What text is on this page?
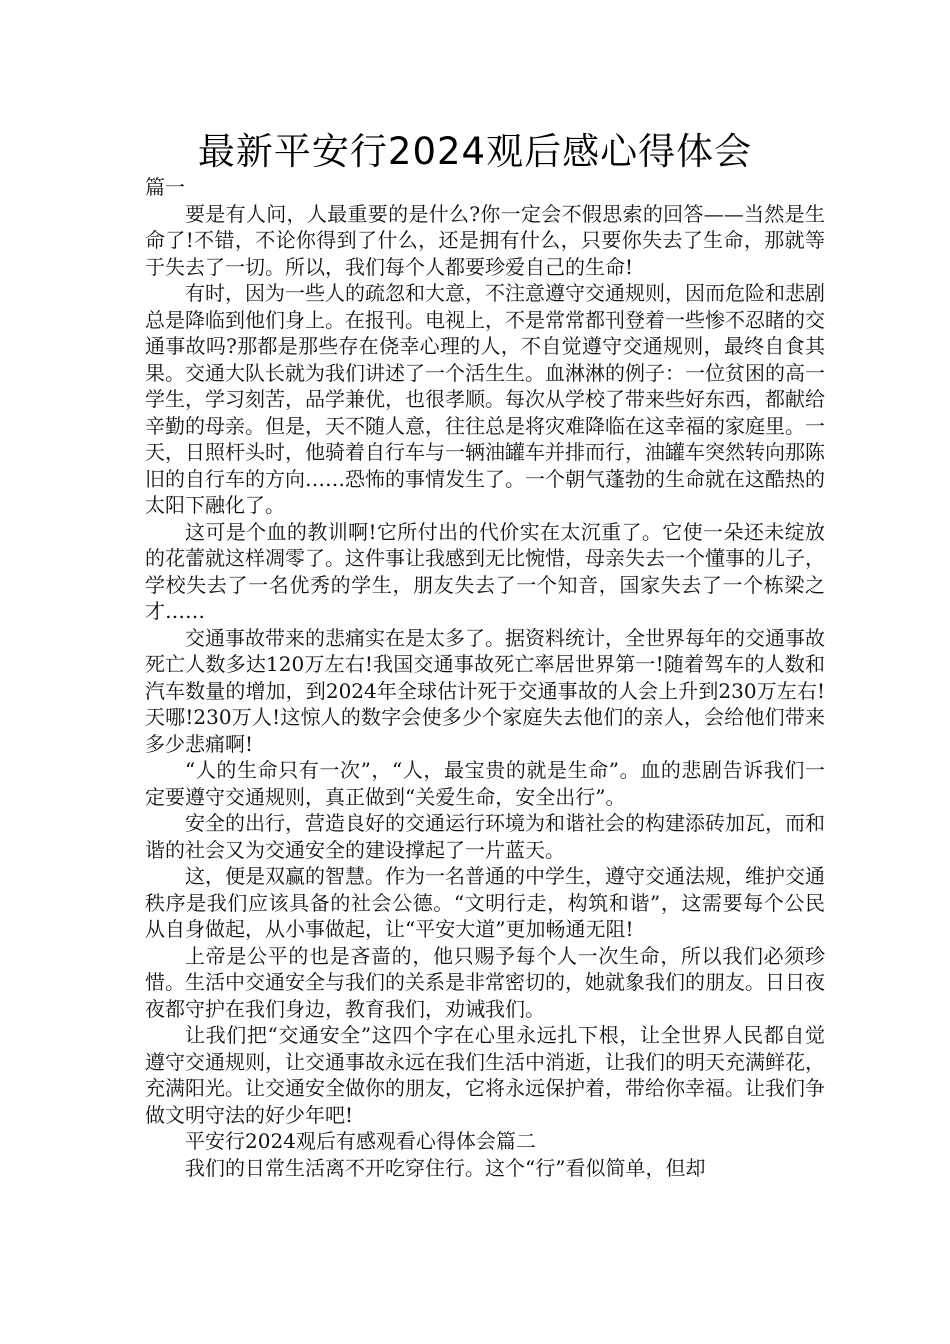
最新平安行2024观后感心得体会

篇一

要是有人问，人最重要的是什么?你一定会不假思索的回答——当然是生命了!不错，不论你得到了什么，还是拥有什么，只要你失去了生命，那就等于失去了一切。所以，我们每个人都要珍爱自己的生命!

有时，因为一些人的疏忽和大意，不注意遵守交通规则，因而危险和悲剧总是降临到他们身上。在报刊。电视上，不是常常都刊登着一些惨不忍睹的交通事故吗?那都是那些存在侥幸心理的人，不自觉遵守交通规则，最终自食其果。交通大队长就为我们讲述了一个活生生。血淋淋的例子：一位贫困的高一学生，学习刻苦，品学兼优，也很孝顺。每次从学校了带来些好东西，都献给辛勤的母亲。但是，天不随人意，往往总是将灾难降临在这幸福的家庭里。一天，日照杆头时，他骑着自行车与一辆油罐车并排而行，油罐车突然转向那陈旧的自行车的方向……恐怖的事情发生了。一个朝气蓬勃的生命就在这酷热的太阳下融化了。

这可是个血的教训啊!它所付出的代价实在太沉重了。它使一朵还未绽放的花蕾就这样凋零了。这件事让我感到无比惋惜，母亲失去一个懂事的儿子，学校失去了一名优秀的学生，朋友失去了一个知音，国家失去了一个栋梁之才……

交通事故带来的悲痛实在是太多了。据资料统计，全世界每年的交通事故死亡人数多达120万左右!我国交通事故死亡率居世界第一!随着驾车的人数和汽车数量的增加，到2024年全球估计死于交通事故的人会上升到230万左右!天哪!230万人!这惊人的数字会使多少个家庭失去他们的亲人，会给他们带来多少悲痛啊!

“人的生命只有一次”，“人，最宝贵的就是生命”。血的悲剧告诉我们一定要遵守交通规则，真正做到“关爱生命，安全出行”。

安全的出行，营造良好的交通运行环境为和谐社会的构建添砖加瓦，而和谐的社会又为交通安全的建设撑起了一片蓝天。

这，便是双赢的智慧。作为一名普通的中学生，遵守交通法规，维护交通秩序是我们应该具备的社会公德。“文明行走，构筑和谐”，这需要每个公民从自身做起，从小事做起，让“平安大道”更加畅通无阻!

上帝是公平的也是吝啬的，他只赐予每个人一次生命，所以我们必须珍惜。生活中交通安全与我们的关系是非常密切的，她就象我们的朋友。日日夜夜都守护在我们身边，教育我们，劝诫我们。

让我们把“交通安全”这四个字在心里永远扎下根，让全世界人民都自觉遵守交通规则，让交通事故永远在我们生活中消逝，让我们的明天充满鲜花，充满阳光。让交通安全做你的朋友，它将永远保护着，带给你幸福。让我们争做文明守法的好少年吧!

平安行2024观后有感观看心得体会篇二

我们的日常生活离不开吃穿住行。这个“行”看似简单，但却
